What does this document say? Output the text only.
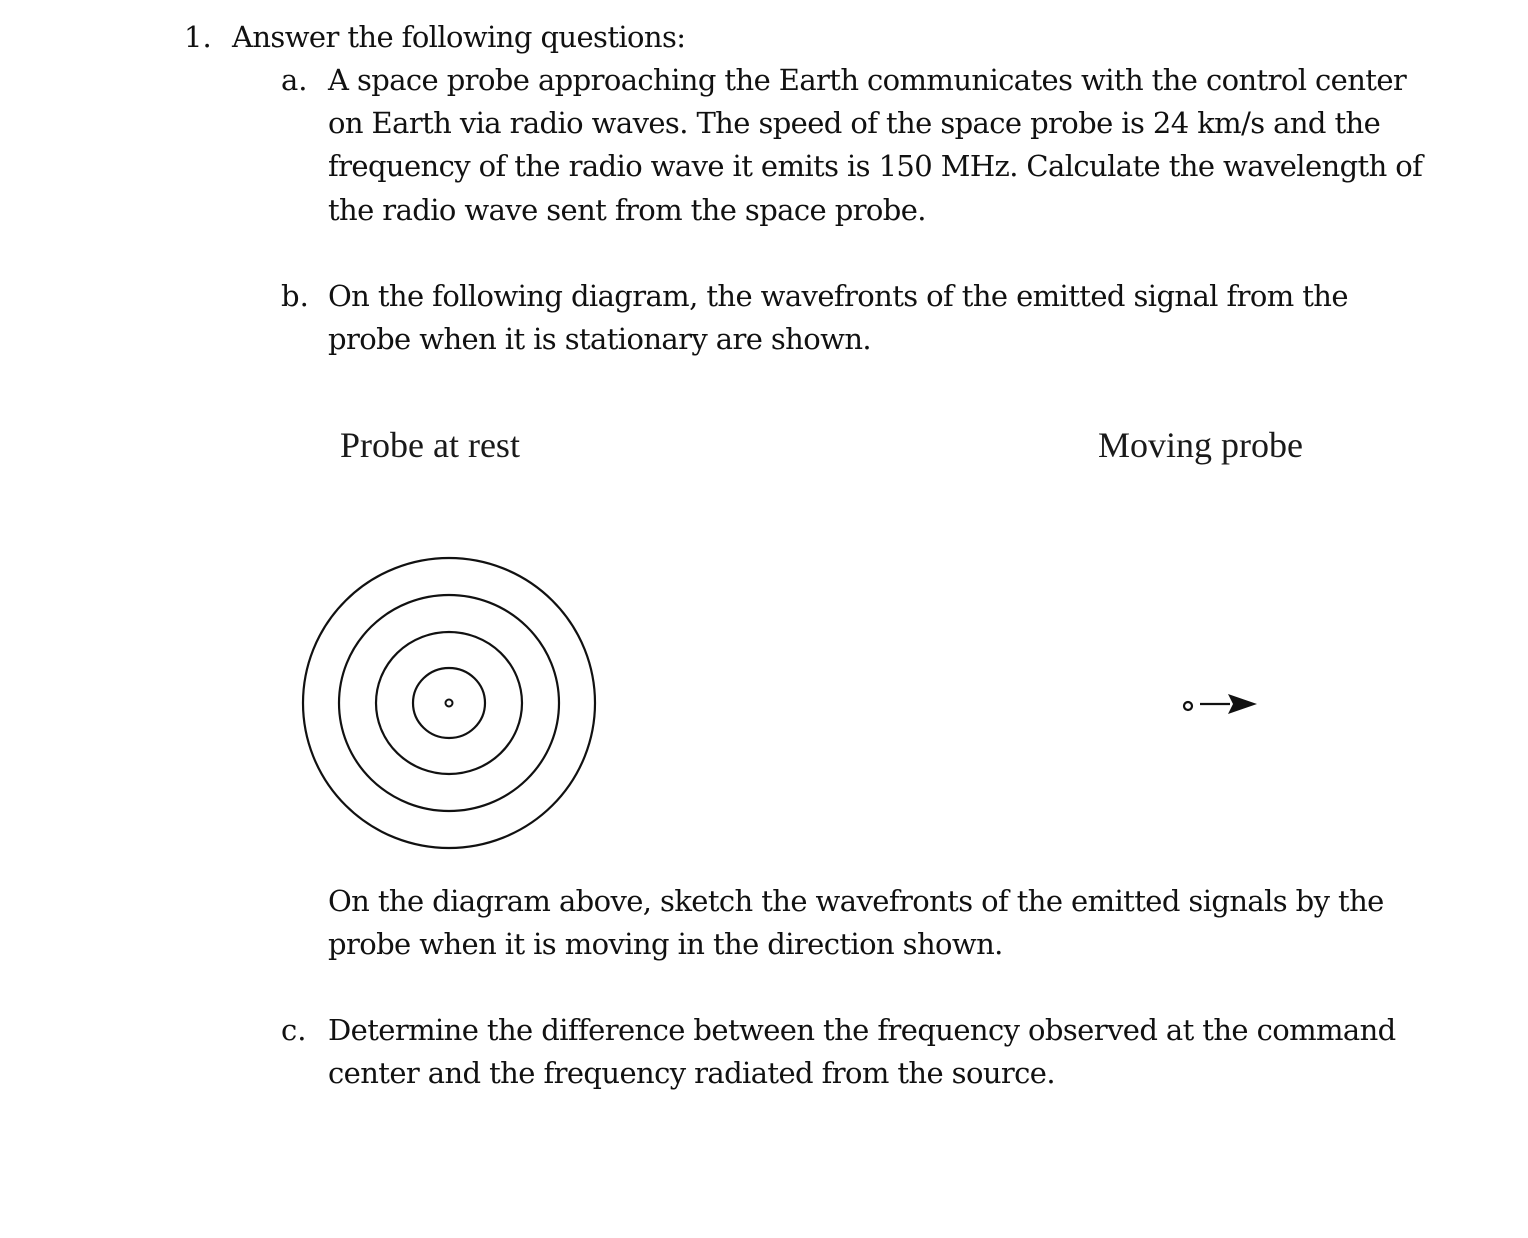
1. Answer the following questions:
a. A space probe approaching the Earth communicates with the control center
on Earth via radio waves. The speed of the space probe is 24 km/s and the
frequency of the radio wave it emits is 150 MHz. Calculate the wavelength of
the radio wave sent from the space probe.
b. On the following diagram, the wavefronts of the emitted signal from the
probe when it is stationary are shown.
Probe at rest	Moving probe
On the diagram above, sketch the wavefronts of the emitted signals by the
probe when it is moving in the direction shown.
c. Determine the difference between the frequency observed at the command
center and the frequency radiated from the source.
